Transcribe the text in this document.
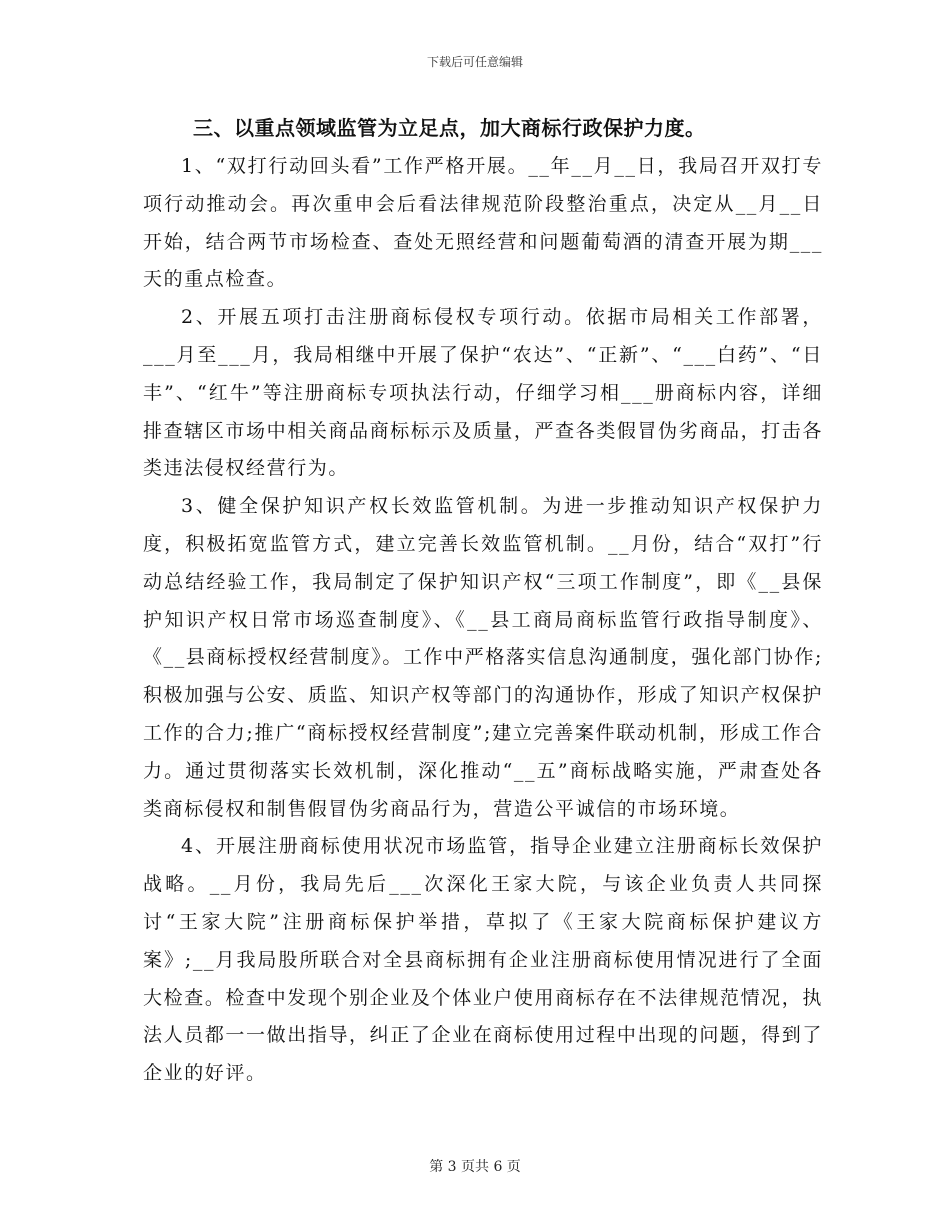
下载后可任意编辑
三、以重点领域监管为立足点，加大商标行政保护力度。

1、“双打行动回头看”工作严格开展。__年__月__日，我局召开双打专项行动推动会。再次重申会后看法律规范阶段整治重点，决定从__月__日开始，结合两节市场检查、查处无照经营和问题葡萄酒的清查开展为期___天的重点检查。

2、开展五项打击注册商标侵权专项行动。依据市局相关工作部署，___月至___月，我局相继中开展了保护“农达”、“正新”、“___白药”、“日丰”、“红牛”等注册商标专项执法行动，仔细学习相___册商标内容，详细排查辖区市场中相关商品商标标示及质量，严查各类假冒伪劣商品，打击各类违法侵权经营行为。

3、健全保护知识产权长效监管机制。为进一步推动知识产权保护力度，积极拓宽监管方式，建立完善长效监管机制。__月份，结合“双打”行动总结经验工作，我局制定了保护知识产权“三项工作制度”，即《__县保护知识产权日常市场巡查制度》、《__县工商局商标监管行政指导制度》、《__县商标授权经营制度》。工作中严格落实信息沟通制度，强化部门协作;积极加强与公安、质监、知识产权等部门的沟通协作，形成了知识产权保护工作的合力;推广“商标授权经营制度”;建立完善案件联动机制，形成工作合力。通过贯彻落实长效机制，深化推动“__五”商标战略实施，严肃查处各类商标侵权和制售假冒伪劣商品行为，营造公平诚信的市场环境。

4、开展注册商标使用状况市场监管，指导企业建立注册商标长效保护战略。__月份，我局先后___次深化王家大院，与该企业负责人共同探讨“王家大院”注册商标保护举措，草拟了《王家大院商标保护建议方案》;__月我局股所联合对全县商标拥有企业注册商标使用情况进行了全面大检查。检查中发现个别企业及个体业户使用商标存在不法律规范情况，执法人员都一一做出指导，纠正了企业在商标使用过程中出现的问题，得到了企业的好评。

第 3 页共 6 页
